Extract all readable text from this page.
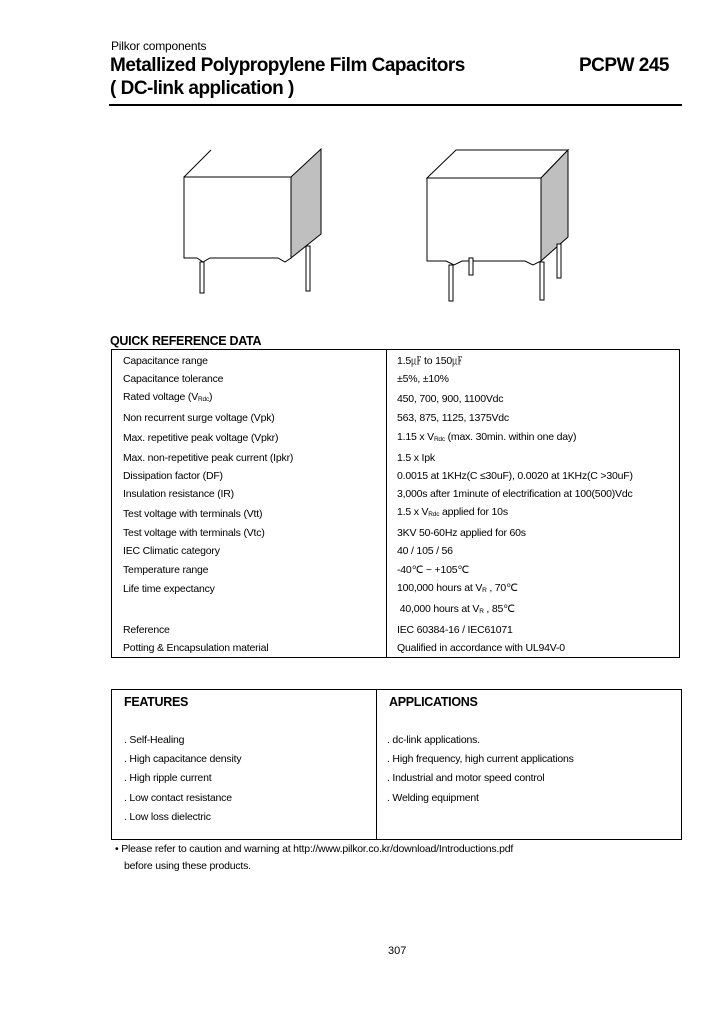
Pilkor components
Metallized Polypropylene Film Capacitors
( DC-link application )
PCPW 245
QUICK REFERENCE DATA
Capacitance range	1.5㎌ to 150㎌
Capacitance tolerance	±5%, ±10%
Rated voltage $(V_{Rdc})$	450, 700, 900, 1100Vdc
Non recurrent surge voltage (Vpk)	563, 875, 1125, 1375Vdc
Max. repetitive peak voltage (Vpkr)	1.15 x $V_{Rdc}$ (max. 30min. within one day)
Max. non-repetitive peak current (Ipkr)	1.5 x Ipk
Dissipation factor (DF)	0.0015 at 1KHz(C ≤30uF), 0.0020 at 1KHz(C >30uF)
Insulation resistance (IR)	3,000s after 1minute of electrification at 100(500)Vdc
Test voltage with terminals (Vtt)	1.5 x $V_{Rdc}$ applied for 10s
Test voltage with terminals (Vtc)	3KV 50-60Hz applied for 60s
IEC Climatic category	40 / 105 / 56
Temperature range	-40℃ ~ +105℃
Life time expectancy	100,000 hours at $V_R$ , 70℃
	40,000 hours at $V_R$ , 85℃
Reference	IEC 60384-16 / IEC61071
Potting & Encapsulation material	Qualified in accordance with UL94V-0
FEATURES	APPLICATIONS
. Self-Healing
. High capacitance density
. High ripple current
. Low contact resistance
. Low loss dielectric
. dc-link applications.
. High frequency, high current applications
. Industrial and motor speed control
. Welding equipment
• Please refer to caution and warning at http://www.pilkor.co.kr/download/Introductions.pdf
before using these products.
307
